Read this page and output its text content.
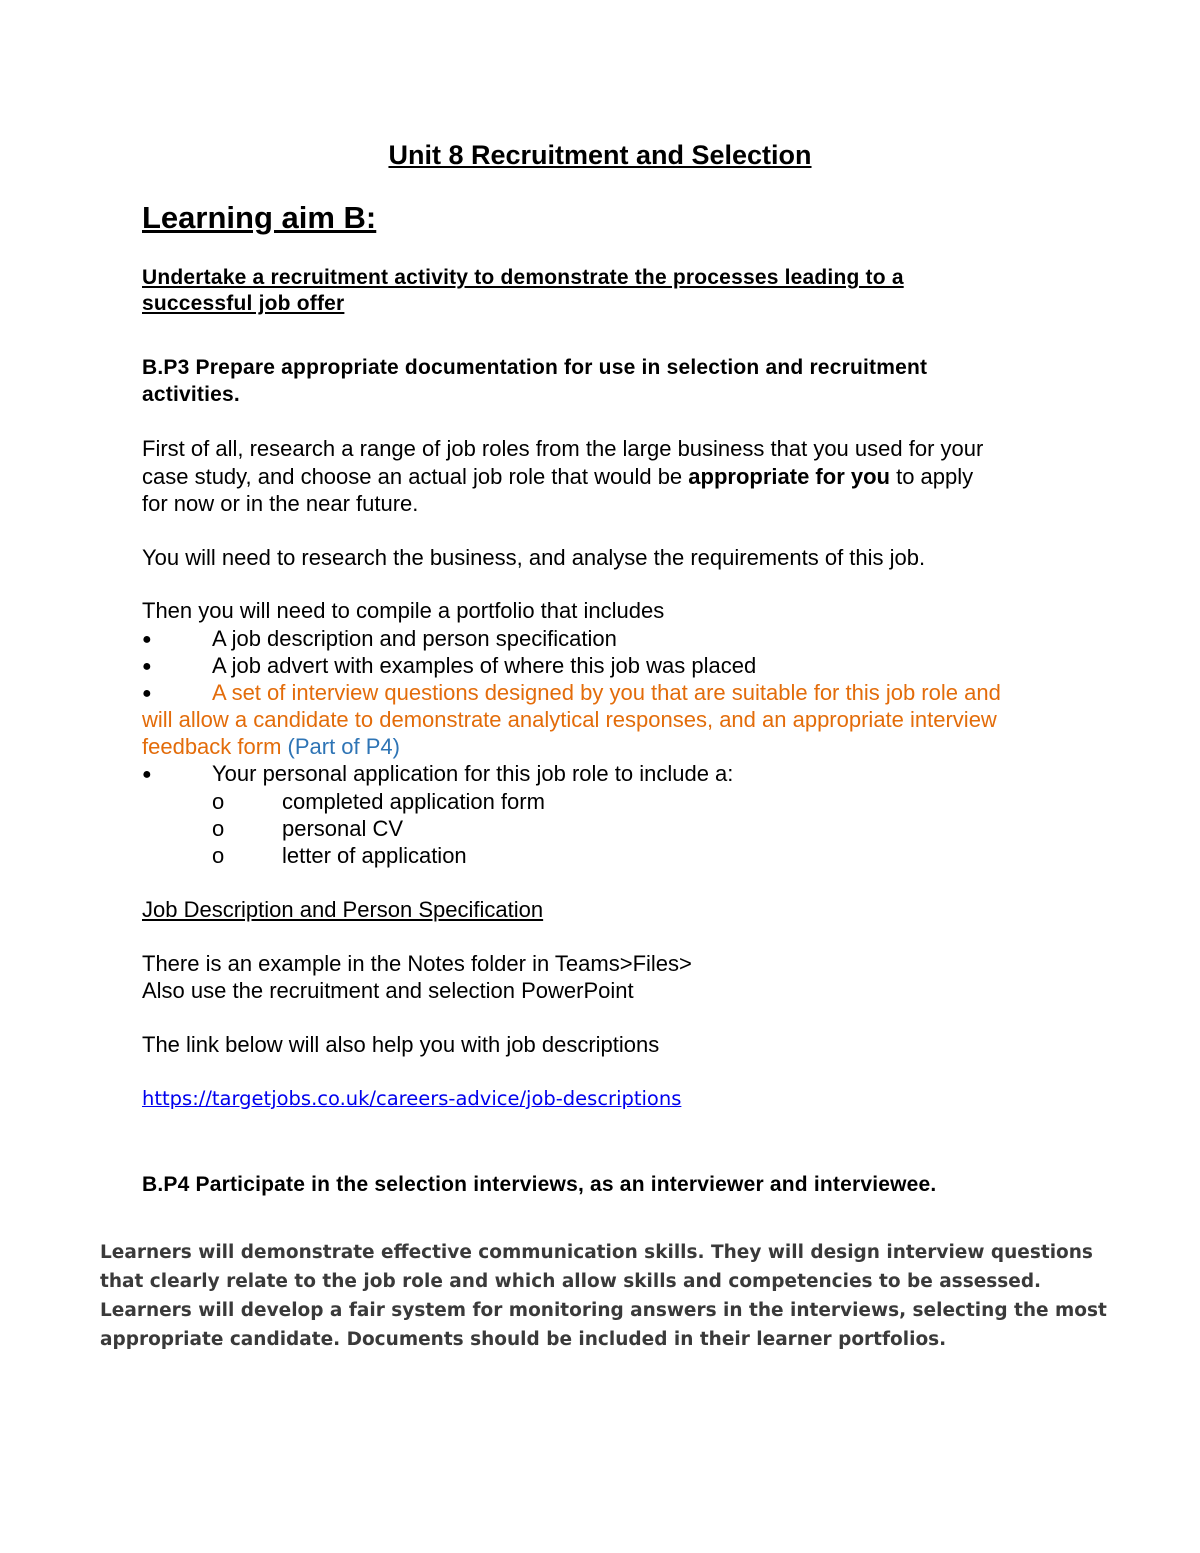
Unit 8 Recruitment and Selection

Learning aim B:

Undertake a recruitment activity to demonstrate the processes leading to a

successful job offer

B.P3 Prepare appropriate documentation for use in selection and recruitment

activities.

First of all, research a range of job roles from the large business that you used for your

case study, and choose an actual job role that would be appropriate for you to apply

for now or in the near future.

You will need to research the business, and analyse the requirements of this job.

Then you will need to compile a portfolio that includes

●	A job description and person specification

●	A job advert with examples of where this job was placed

●	A set of interview questions designed by you that are suitable for this job role and

will allow a candidate to demonstrate analytical responses, and an appropriate interview

feedback form (Part of P4)

●	Your personal application for this job role to include a:

o	completed application form

o	personal CV

o	letter of application

Job Description and Person Specification

There is an example in the Notes folder in Teams>Files>

Also use the recruitment and selection PowerPoint

The link below will also help you with job descriptions

https://targetjobs.co.uk/careers-advice/job-descriptions

B.P4 Participate in the selection interviews, as an interviewer and interviewee.

Learners will demonstrate effective communication skills. They will design interview questions that clearly relate to the job role and which allow skills and competencies to be assessed. Learners will develop a fair system for monitoring answers in the interviews, selecting the most appropriate candidate. Documents should be included in their learner portfolios.
